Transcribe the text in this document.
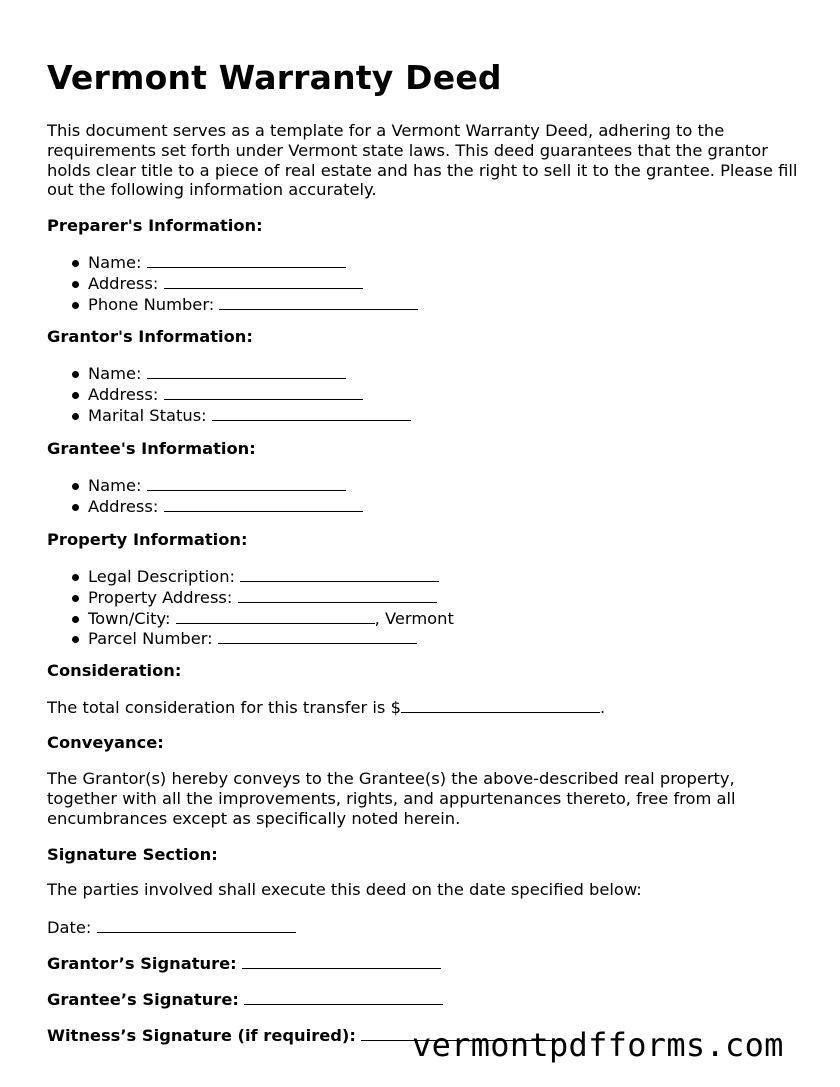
Vermont Warranty Deed

This document serves as a template for a Vermont Warranty Deed, adhering to the requirements set forth under Vermont state laws. This deed guarantees that the grantor holds clear title to a piece of real estate and has the right to sell it to the grantee. Please fill out the following information accurately.

Preparer's Information:

Name:
Address:
Phone Number:

Grantor's Information:

Name:
Address:
Marital Status:

Grantee's Information:

Name:
Address:

Property Information:

Legal Description:
Property Address:
Town/City:	, Vermont
Parcel Number:

Consideration:

The total consideration for this transfer is $	.

Conveyance:

The Grantor(s) hereby conveys to the Grantee(s) the above-described real property, together with all the improvements, rights, and appurtenances thereto, free from all encumbrances except as specifically noted herein.

Signature Section:

The parties involved shall execute this deed on the date specified below:

Date:

Grantor’s Signature:

Grantee’s Signature:

Witness’s Signature (if required):	vermontpdfforms.com
